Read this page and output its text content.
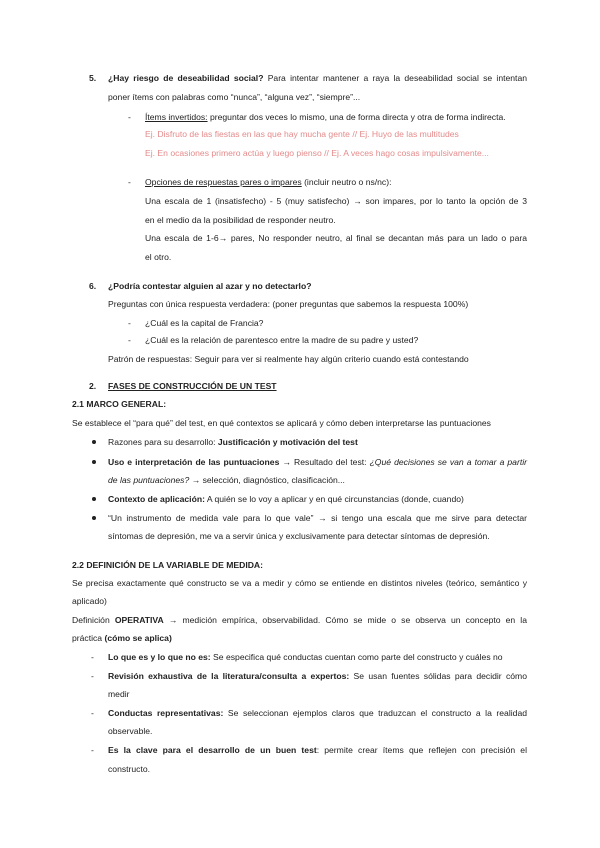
5. ¿Hay riesgo de deseabilidad social? Para intentar mantener a raya la deseabilidad social se intentan
poner ítems con palabras como “nunca”, “alguna vez”, “siempre”...
- Ítems invertidos: preguntar dos veces lo mismo, una de forma directa y otra de forma indirecta.
Ej. Disfruto de las fiestas en las que hay mucha gente // Ej. Huyo de las multitudes
Ej. En ocasiones primero actúa y luego pienso // Ej. A veces hago cosas impulsivamente...
- Opciones de respuestas pares o impares (incluir neutro o ns/nc):
Una escala de 1 (insatisfecho) - 5 (muy satisfecho) → son impares, por lo tanto la opción de 3
en el medio da la posibilidad de responder neutro.
Una escala de 1-6→ pares, No responder neutro, al final se decantan más para un lado o para
el otro.
6. ¿Podría contestar alguien al azar y no detectarlo?
Preguntas con única respuesta verdadera: (poner preguntas que sabemos la respuesta 100%)
- ¿Cuál es la capital de Francia?
- ¿Cuál es la relación de parentesco entre la madre de su padre y usted?
Patrón de respuestas: Seguir para ver si realmente hay algún criterio cuando está contestando
2. FASES DE CONSTRUCCIÓN DE UN TEST
2.1 MARCO GENERAL:
Se establece el “para qué” del test, en qué contextos se aplicará y cómo deben interpretarse las puntuaciones
Razones para su desarrollo: Justificación y motivación del test
Uso e interpretación de las puntuaciones → Resultado del test: ¿Qué decisiones se van a tomar a partir
de las puntuaciones? → selección, diagnóstico, clasificación...
Contexto de aplicación: A quién se lo voy a aplicar y en qué circunstancias (donde, cuando)
“Un instrumento de medida vale para lo que vale” → si tengo una escala que me sirve para detectar
síntomas de depresión, me va a servir única y exclusivamente para detectar síntomas de depresión.
2.2 DEFINICIÓN DE LA VARIABLE DE MEDIDA:
Se precisa exactamente qué constructo se va a medir y cómo se entiende en distintos niveles (teórico, semántico y
aplicado)
Definición OPERATIVA → medición empírica, observabilidad. Cómo se mide o se observa un concepto en la
práctica (cómo se aplica)
- Lo que es y lo que no es: Se especifica qué conductas cuentan como parte del constructo y cuáles no
- Revisión exhaustiva de la literatura/consulta a expertos: Se usan fuentes sólidas para decidir cómo
medir
- Conductas representativas: Se seleccionan ejemplos claros que traduzcan el constructo a la realidad
observable.
- Es la clave para el desarrollo de un buen test: permite crear ítems que reflejen con precisión el
constructo.
